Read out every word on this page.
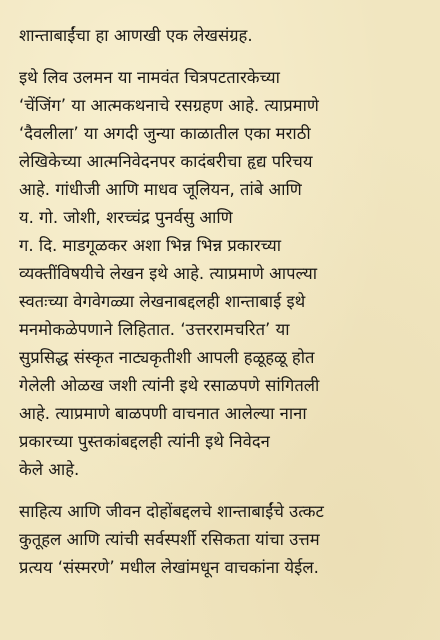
शान्ताबाईंचा हा आणखी एक लेखसंग्रह.
इथे लिव उलमन या नामवंत चित्रपटतारकेच्या
‘चेंजिंग’ या आत्मकथनाचे रसग्रहण आहे. त्याप्रमाणे
‘दैवलीला’ या अगदी जुन्या काळातील एका मराठी
लेखिकेच्या आत्मनिवेदनपर कादंबरीचा हृद्य परिचय
आहे. गांधीजी आणि माधव जूलियन, तांबे आणि
य. गो. जोशी, शरच्चंद्र पुनर्वसु आणि
ग. दि. माडगूळकर अशा भिन्न भिन्न प्रकारच्या
व्यक्तींविषयीचे लेखन इथे आहे. त्याप्रमाणे आपल्या
स्वतःच्या वेगवेगळ्या लेखनाबद्दलही शान्ताबाई इथे
मनमोकळेपणाने लिहितात. ‘उत्तररामचरित’ या
सुप्रसिद्ध संस्कृत नाट्यकृतीशी आपली हळूहळू होत
गेलेली ओळख जशी त्यांनी इथे रसाळपणे सांगितली
आहे. त्याप्रमाणे बाळपणी वाचनात आलेल्या नाना
प्रकारच्या पुस्तकांबद्दलही त्यांनी इथे निवेदन
केले आहे.
साहित्य आणि जीवन दोहोंबद्दलचे शान्ताबाईंचे उत्कट
कुतूहल आणि त्यांची सर्वस्पर्शी रसिकता यांचा उत्तम
प्रत्यय ‘संस्मरणे’ मधील लेखांमधून वाचकांना येईल.
